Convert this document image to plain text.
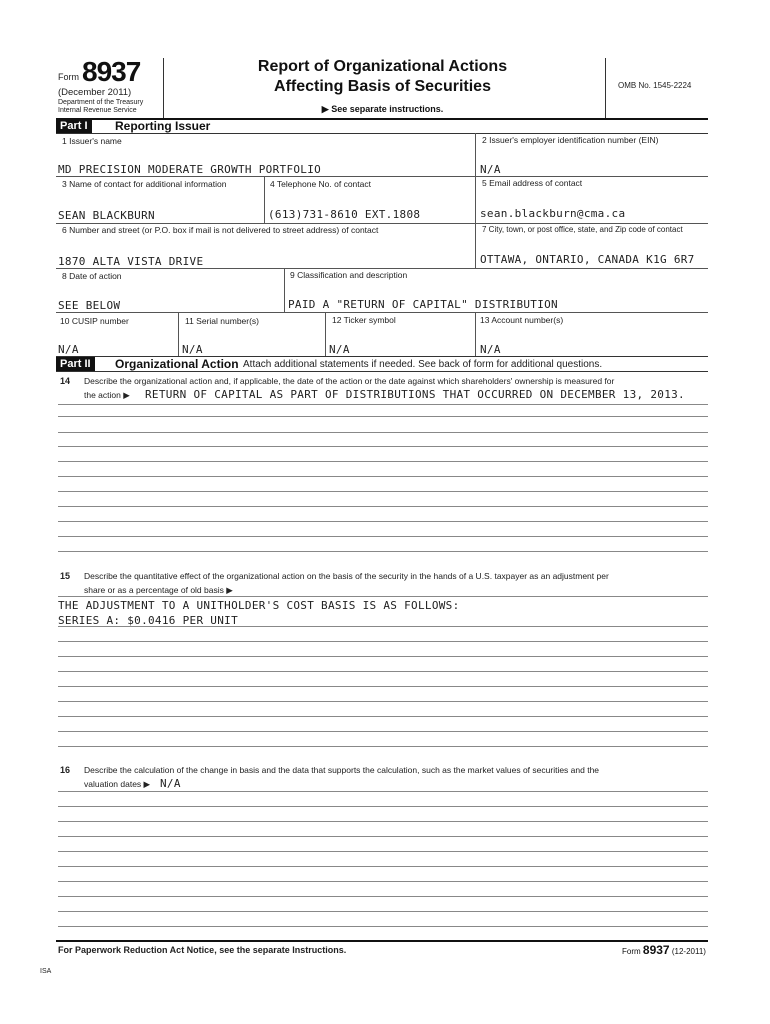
Form 8937
(December 2011)
Department of the Treasury
Internal Revenue Service
Report of Organizational Actions
Affecting Basis of Securities
▶ See separate instructions.
OMB No. 1545-2224
Part I	Reporting Issuer
1 Issuer's name	2 Issuer's employer identification number (EIN)
MD PRECISION MODERATE GROWTH PORTFOLIO	N/A
3 Name of contact for additional information	4 Telephone No. of contact	5 Email address of contact
SEAN BLACKBURN	(613)731-8610 EXT.1808	sean.blackburn@cma.ca
6 Number and street (or P.O. box if mail is not delivered to street address) of contact	7 City, town, or post office, state, and Zip code of contact
1870 ALTA VISTA DRIVE	OTTAWA, ONTARIO, CANADA K1G 6R7
8 Date of action	9 Classification and description
SEE BELOW	PAID A "RETURN OF CAPITAL" DISTRIBUTION
10 CUSIP number	11 Serial number(s)	12 Ticker symbol	13 Account number(s)
N/A	N/A	N/A	N/A
Part II	Organizational Action Attach additional statements if needed. See back of form for additional questions.
14 Describe the organizational action and, if applicable, the date of the action or the date against which shareholders' ownership is measured for
the action ▶ RETURN OF CAPITAL AS PART OF DISTRIBUTIONS THAT OCCURRED ON DECEMBER 13, 2013.
15 Describe the quantitative effect of the organizational action on the basis of the security in the hands of a U.S. taxpayer as an adjustment per
share or as a percentage of old basis ▶
THE ADJUSTMENT TO A UNITHOLDER'S COST BASIS IS AS FOLLOWS:
SERIES A: $0.0416 PER UNIT
16 Describe the calculation of the change in basis and the data that supports the calculation, such as the market values of securities and the
valuation dates ▶ N/A
For Paperwork Reduction Act Notice, see the separate Instructions.	Form 8937 (12-2011)
ISA
